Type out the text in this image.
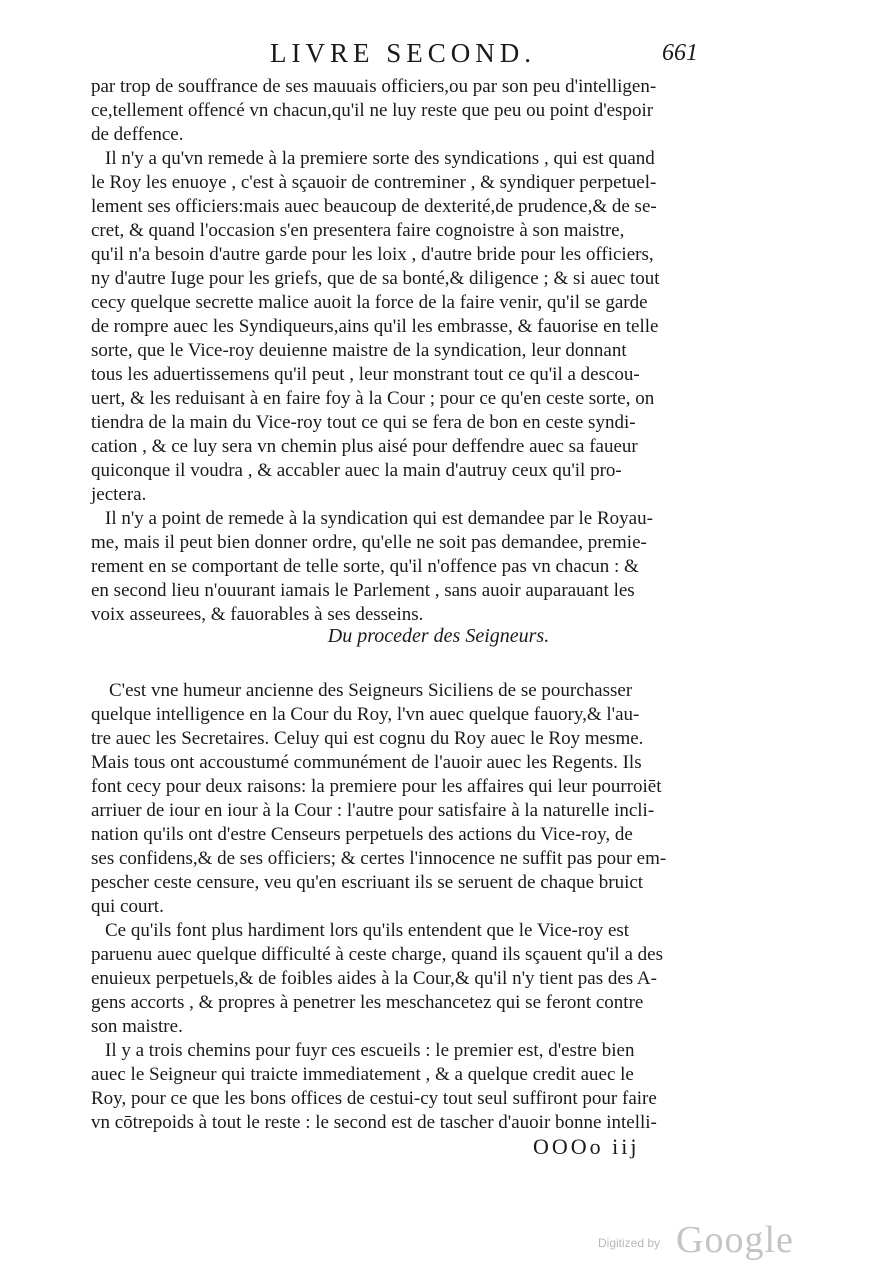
LIVRE SECOND.	661
par trop de souffrance de ses mauuais officiers,ou par son peu d'intelligen-
ce,tellement offencé vn chacun,qu'il ne luy reste que peu ou point d'espoir
de deffence.
Il n'y a qu'vn remede à la premiere sorte des syndications , qui est quand
le Roy les enuoye , c'est à sçauoir de contreminer , & syndiquer perpetuel-
lement ses officiers:mais auec beaucoup de dexterité,de prudence,& de se-
cret, & quand l'occasion s'en presentera faire cognoistre à son maistre,
qu'il n'a besoin d'autre garde pour les loix , d'autre bride pour les officiers,
ny d'autre Iuge pour les griefs, que de sa bonté,& diligence ; & si auec tout
cecy quelque secrette malice auoit la force de la faire venir, qu'il se garde
de rompre auec les Syndiqueurs,ains qu'il les embrasse, & fauorise en telle
sorte, que le Vice-roy deuienne maistre de la syndication, leur donnant
tous les aduertissemens qu'il peut , leur monstrant tout ce qu'il a descou-
uert, & les reduisant à en faire foy à la Cour ; pour ce qu'en ceste sorte, on
tiendra de la main du Vice-roy tout ce qui se fera de bon en ceste syndi-
cation , & ce luy sera vn chemin plus aisé pour deffendre auec sa faueur
quiconque il voudra , & accabler auec la main d'autruy ceux qu'il pro-
jectera.
Il n'y a point de remede à la syndication qui est demandee par le Royau-
me, mais il peut bien donner ordre, qu'elle ne soit pas demandee, premie-
rement en se comportant de telle sorte, qu'il n'offence pas vn chacun : &
en second lieu n'ouurant iamais le Parlement , sans auoir auparauant les
voix asseurees, & fauorables à ses desseins.
Du proceder des Seigneurs.
C'est vne humeur ancienne des Seigneurs Siciliens de se pourchasser
quelque intelligence en la Cour du Roy, l'vn auec quelque fauory,& l'au-
tre auec les Secretaires. Celuy qui est cognu du Roy auec le Roy mesme.
Mais tous ont accoustumé communément de l'auoir auec les Regents. Ils
font cecy pour deux raisons: la premiere pour les affaires qui leur pourroiēt
arriuer de iour en iour à la Cour : l'autre pour satisfaire à la naturelle incli-
nation qu'ils ont d'estre Censeurs perpetuels des actions du Vice-roy, de
ses confidens,& de ses officiers; & certes l'innocence ne suffit pas pour em-
pescher ceste censure, veu qu'en escriuant ils se seruent de chaque bruict
qui court.
Ce qu'ils font plus hardiment lors qu'ils entendent que le Vice-roy est
paruenu auec quelque difficulté à ceste charge, quand ils sçauent qu'il a des
enuieux perpetuels,& de foibles aides à la Cour,& qu'il n'y tient pas des A-
gens accorts , & propres à penetrer les meschancetez qui se feront contre
son maistre.
Il y a trois chemins pour fuyr ces escueils : le premier est, d'estre bien
auec le Seigneur qui traicte immediatement , & a quelque credit auec le
Roy, pour ce que les bons offices de cestui-cy tout seul suffiront pour faire
vn cōtrepoids à tout le reste : le second est de tascher d'auoir bonne intelli-
OOOo iij
Digitized by Google
